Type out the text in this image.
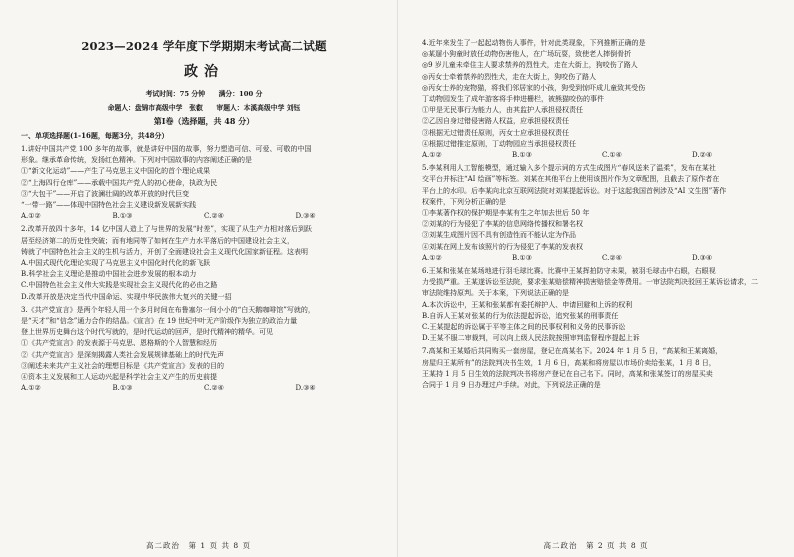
2023—2024 学年度下学期期末考试高二试题
政治
考试时间：75 分钟　　满分：100 分
命题人：盘锦市高级中学　张叡　　审题人：本溪高级中学 刘钰
第Ⅰ卷（选择题，共 48 分）
一、单项选择题(1-16题，每题3分，共48分）
1.讲好中国共产党 100 多年的故事，就是讲好中国的故事，努力塑造可信、可爱、可敬的中国
形象。继承革命传统，发扬红色精神。下列对中国故事的内容阐述正确的是
①“新文化运动”——产生了马克思主义中国化的首个理论成果
②“上海四行仓库”——承载中国共产党人的初心使命，执政为民
③“大包干”——开启了波澜壮阔的改革开放的时代巨变
“一带一路”——体现中国特色社会主义建设新发展新实践
A.①②	B.①③	C.②④	D.③④
2.改革开放四十多年，14 亿中国人造上了与世界的发展“时差”，实现了从生产力相对落后到跃
居至经济第二的历史性突破；而有地同等了如何在生产力水平落后的中国建设社会主义，
铸就了中国特色社会主义的生机与活力，开创了全面建设社会主义现代化国家新征程。这表明
A.中国式现代化理论实现了马克思主义中国化时代化的新飞跃
B.科学社会主义理论是推动中国社会进步发展的根本动力
C.中国特色社会主义伟大实践是实现社会主义现代化的必由之路
D.改革开放是决定当代中国命运、实现中华民族伟大复兴的关键一招
3.《共产党宣言》是两个年轻人用一个多月时间在布鲁塞尔一间小小的“白天鹅咖啡馆”写就的，
是“天才”和“信念”通力合作的结晶。《宣言》在 19 世纪中叶无产阶级作为独立的政治力量
登上世界历史舞台这个时代写就的，是时代运动的回声，是时代精神的精华。可见
①《共产党宣言》的发表源于马克思、恩格斯的个人智慧和经历
②《共产党宣言》是深刻揭露人类社会发展规律基础上的时代先声
③阐述未来共产主义社会的理想目标是《共产党宣言》发表的目的
④资本主义发展和工人运动兴起是科学社会主义产生的历史前提
A.①②	B.①③	C.②④	D.③④
高二政治　第 1 页 共 8 页
4.近年来发生了一起起动物伤人事件，针对此类现象，下列推断正确的是
◎某遛小狗童时放任动物伤害他人，在广场玩耍，致使老人摔倒骨折
◎9 岁儿童未牵住主人要求禁养的烈性犬，走在大街上，狗咬伤了路人
◎丙女士牵着禁养的烈性犬，走在大街上，狗咬伤了路人
◎丙女士养的宠物猫，将我们邻居家的小孩，狗受到惊吓成儿童致其受伤
丁动物园发生了成年游客将手伸进栅栏，被熊猫咬伤的事件
①甲是无民事行为能力人，由其监护人承担侵权责任
②乙因自身过错侵害路人权益，应承担侵权责任
③根据无过错责任原则，丙女士应承担侵权责任
④根据过错推定原则，丁动物园应当承担侵权责任
A.①②	B.①③	C.①④	D.②④
5.李某利用人工智能模型，通过输入多个提示词的方式生成图片“春风送来了温柔”，发布在某社
交平台并标注“AI 绘画”等标签。刘某在其他平台上使用该图片作为文章配图，且截去了原作者在
平台上的水印。后李某向北京互联网法院对刘某提起诉讼。对于这起我国首例涉及“AI 文生图”著作
权案件，下列分析正确的是
①李某著作权的保护期是李某有生之年加去世后 50 年
②刘某的行为侵犯了李某的信息网络传播权和署名权
③刘某生成图片因不具有创造性而不能认定为作品
④刘某在网上发布该照片的行为侵犯了李某的发表权
A.①②	B.①③	C.②④	D.③④
6.王某和张某在某场地进行羽毛球比赛。比赛中王某挥拍防守未果，被羽毛球击中右眼，右眼视
力受损严重。王某遂诉讼至法院，要求张某赔偿精神损害赔偿金等费用。一审法院判决驳回王某诉讼请求，二
审法院维持原判。关于本案，下列说法正确的是
A.本次诉讼中，王某和张某都有委托辩护人、申请回避和上诉的权利
B.自诉人王某对张某的行为依法提起诉讼，追究张某的刑事责任
C.王某提起的诉讼属于平等主体之间的民事权利和义务的民事诉讼
D.王某不服二审裁判，可以向上级人民法院按照审判监督程序提起上诉
7.高某和王某婚后共同购买一套房屋，登记在高某名下。2024 年 1 月 5 日，“高某和王某离婚，
房屋归王某所有”的法院判决书生效，1 月 6 日，高某和将房屋以市场价卖给张某，1 月 8 日，
王某持 1 月 5 日生效的法院判决书将房产登记在自己名下。同时，高某和张某签订的房屋买卖
合同于 1 月 9 日办理过户手续。对此，下列说法正确的是
高二政治　第 2 页 共 8 页
